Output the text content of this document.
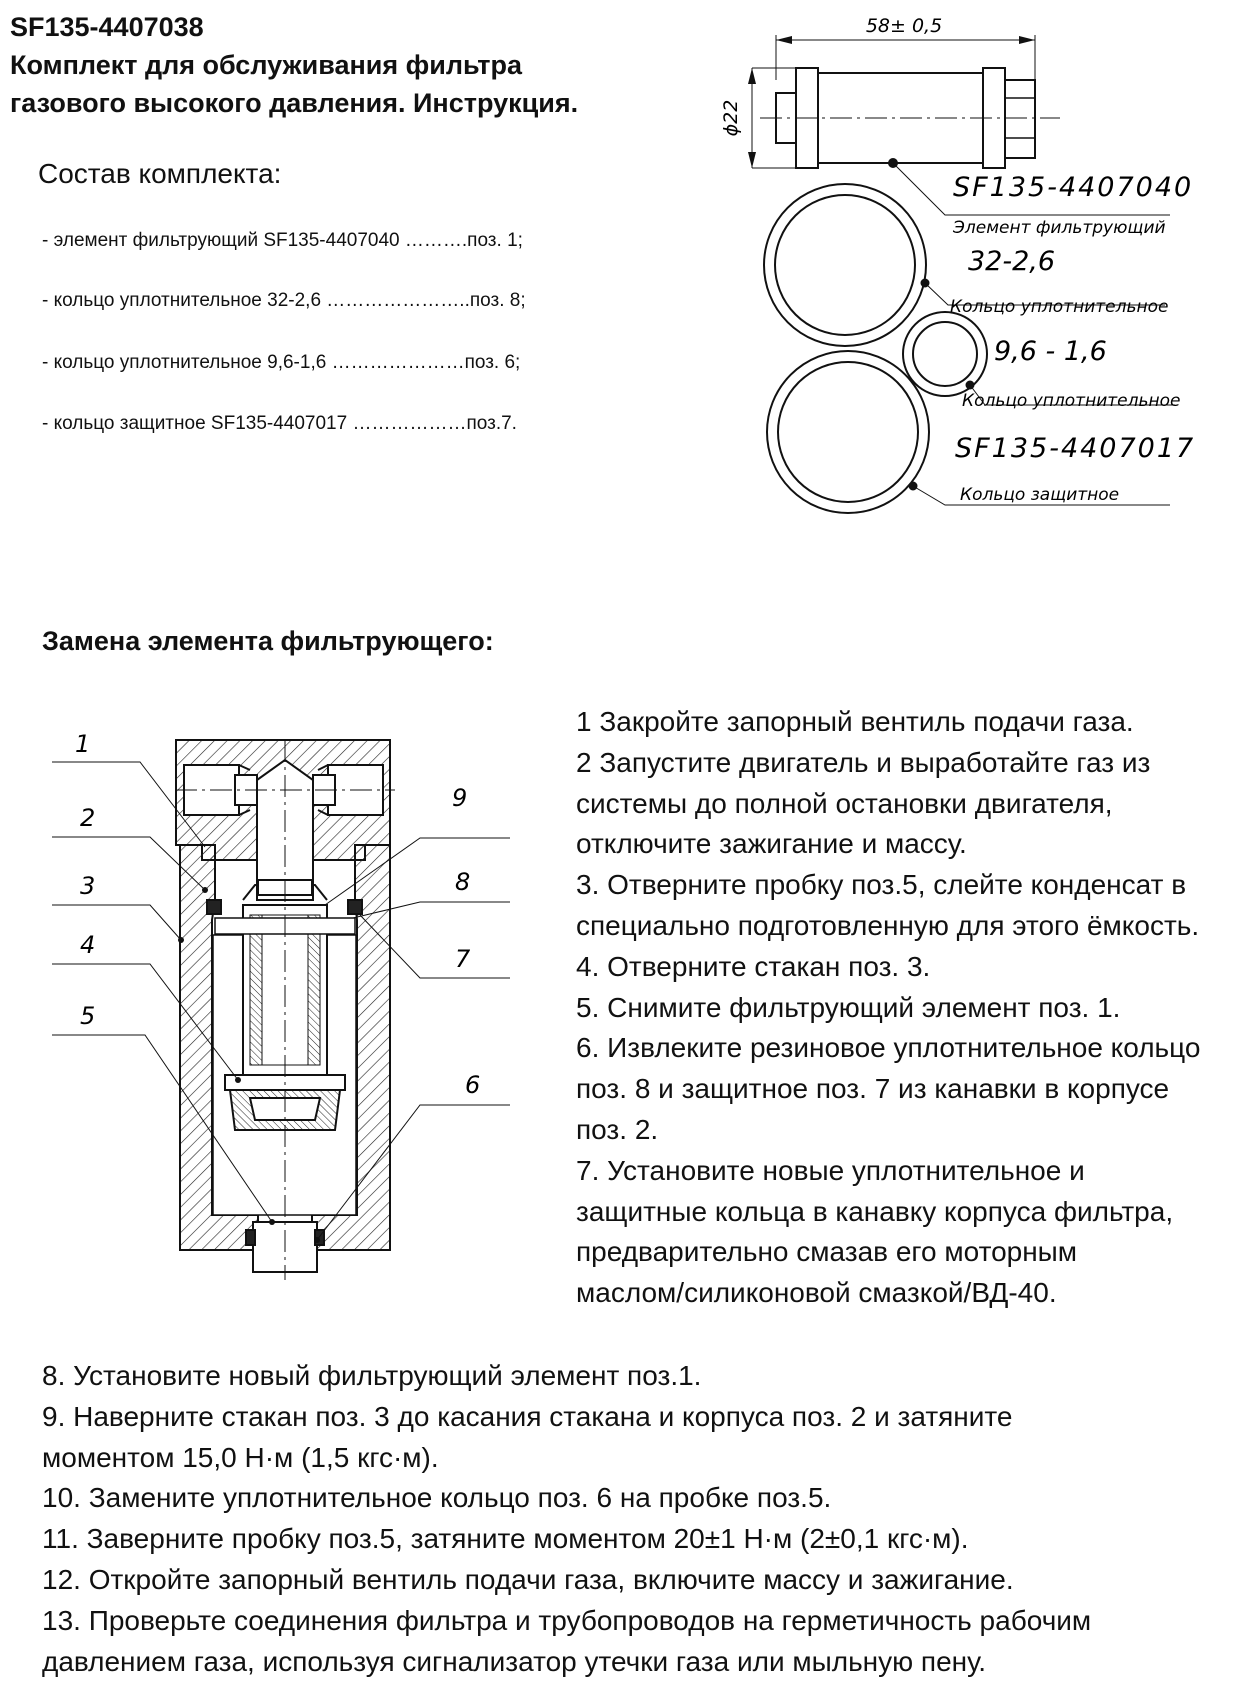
SF135-4407038
Комплект для обслуживания фильтра
газового высокого давления. Инструкция.
Состав комплекта:
- элемент фильтрующий SF135-4407040 ……….поз. 1;
- кольцо уплотнительное 32-2,6 …………………..поз. 8;
- кольцо уплотнительное 9,6-1,6 …………………поз. 6;
- кольцо защитное SF135-4407017 ………………поз.7.
ϕ22
58± 0,5
SF135-4407040
Элемент фильтрующий
32-2,6
Кольцо уплотнительное
9,6 - 1,6
Кольцо уплотнительное
SF135-4407017
Кольцо защитное
1
2
3
4
5
6
7
8
9
Замена элемента фильтрующего:
1 Закройте запорный вентиль подачи газа.
2 Запустите двигатель и выработайте газ из
системы до полной остановки двигателя,
отключите зажигание и массу.
3. Отверните пробку поз.5, слейте конденсат в
специально подготовленную для этого ёмкость.
4. Отверните стакан поз. 3.
5. Снимите фильтрующий элемент поз. 1.
6. Извлеките резиновое уплотнительное кольцо
поз. 8 и защитное поз. 7 из канавки в корпусе
поз. 2.
7. Установите новые уплотнительное и
защитные кольца в канавку корпуса фильтра,
предварительно смазав его моторным
маслом/силиконовой смазкой/ВД-40.
8. Установите новый фильтрующий элемент поз.1.
9. Наверните стакан поз. 3 до касания стакана и корпуса поз. 2 и затяните
моментом 15,0 Н·м (1,5 кгс·м).
10. Замените уплотнительное кольцо поз. 6 на пробке поз.5.
11. Заверните пробку поз.5, затяните моментом 20±1 Н·м (2±0,1 кгс·м).
12. Откройте запорный вентиль подачи газа, включите массу и зажигание.
13. Проверьте соединения фильтра и трубопроводов на герметичность рабочим
давлением газа, используя сигнализатор утечки газа или мыльную пену.
